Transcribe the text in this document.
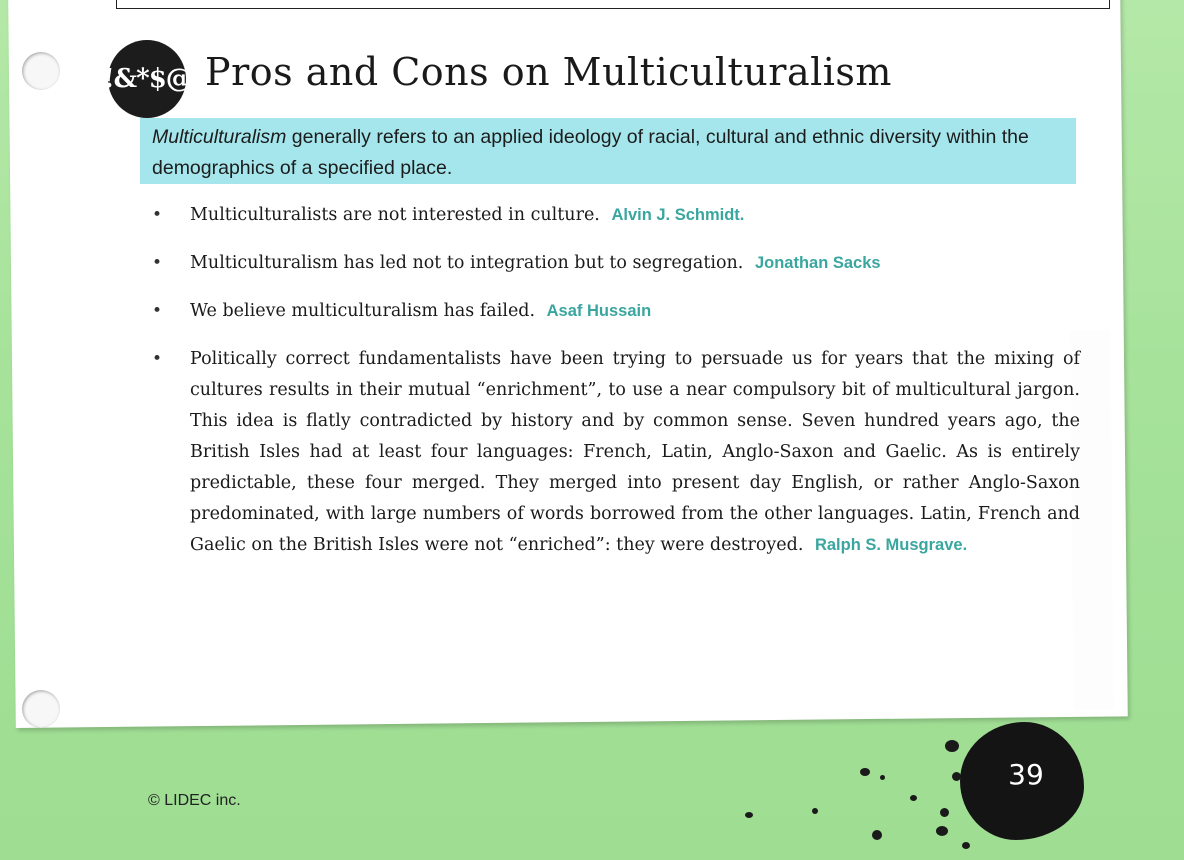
!&*$@ Pros and Cons on Multiculturalism
Multiculturalism generally refers to an applied ideology of racial, cultural and ethnic diversity within the demographics of a specified place.
• Multiculturalists are not interested in culture. Alvin J. Schmidt.
• Multiculturalism has led not to integration but to segregation. Jonathan Sacks
• We believe multiculturalism has failed. Asaf Hussain
• Politically correct fundamentalists have been trying to persuade us for years that the mixing of cultures results in their mutual “enrichment”, to use a near compulsory bit of multicultural jargon. This idea is flatly contradicted by history and by common sense. Seven hundred years ago, the British Isles had at least four languages: French, Latin, Anglo-Saxon and Gaelic. As is entirely predictable, these four merged. They merged into present day English, or rather Anglo-Saxon predominated, with large numbers of words borrowed from the other languages. Latin, French and Gaelic on the British Isles were not “enriched”: they were destroyed. Ralph S. Musgrave.
© LIDEC inc.
39
